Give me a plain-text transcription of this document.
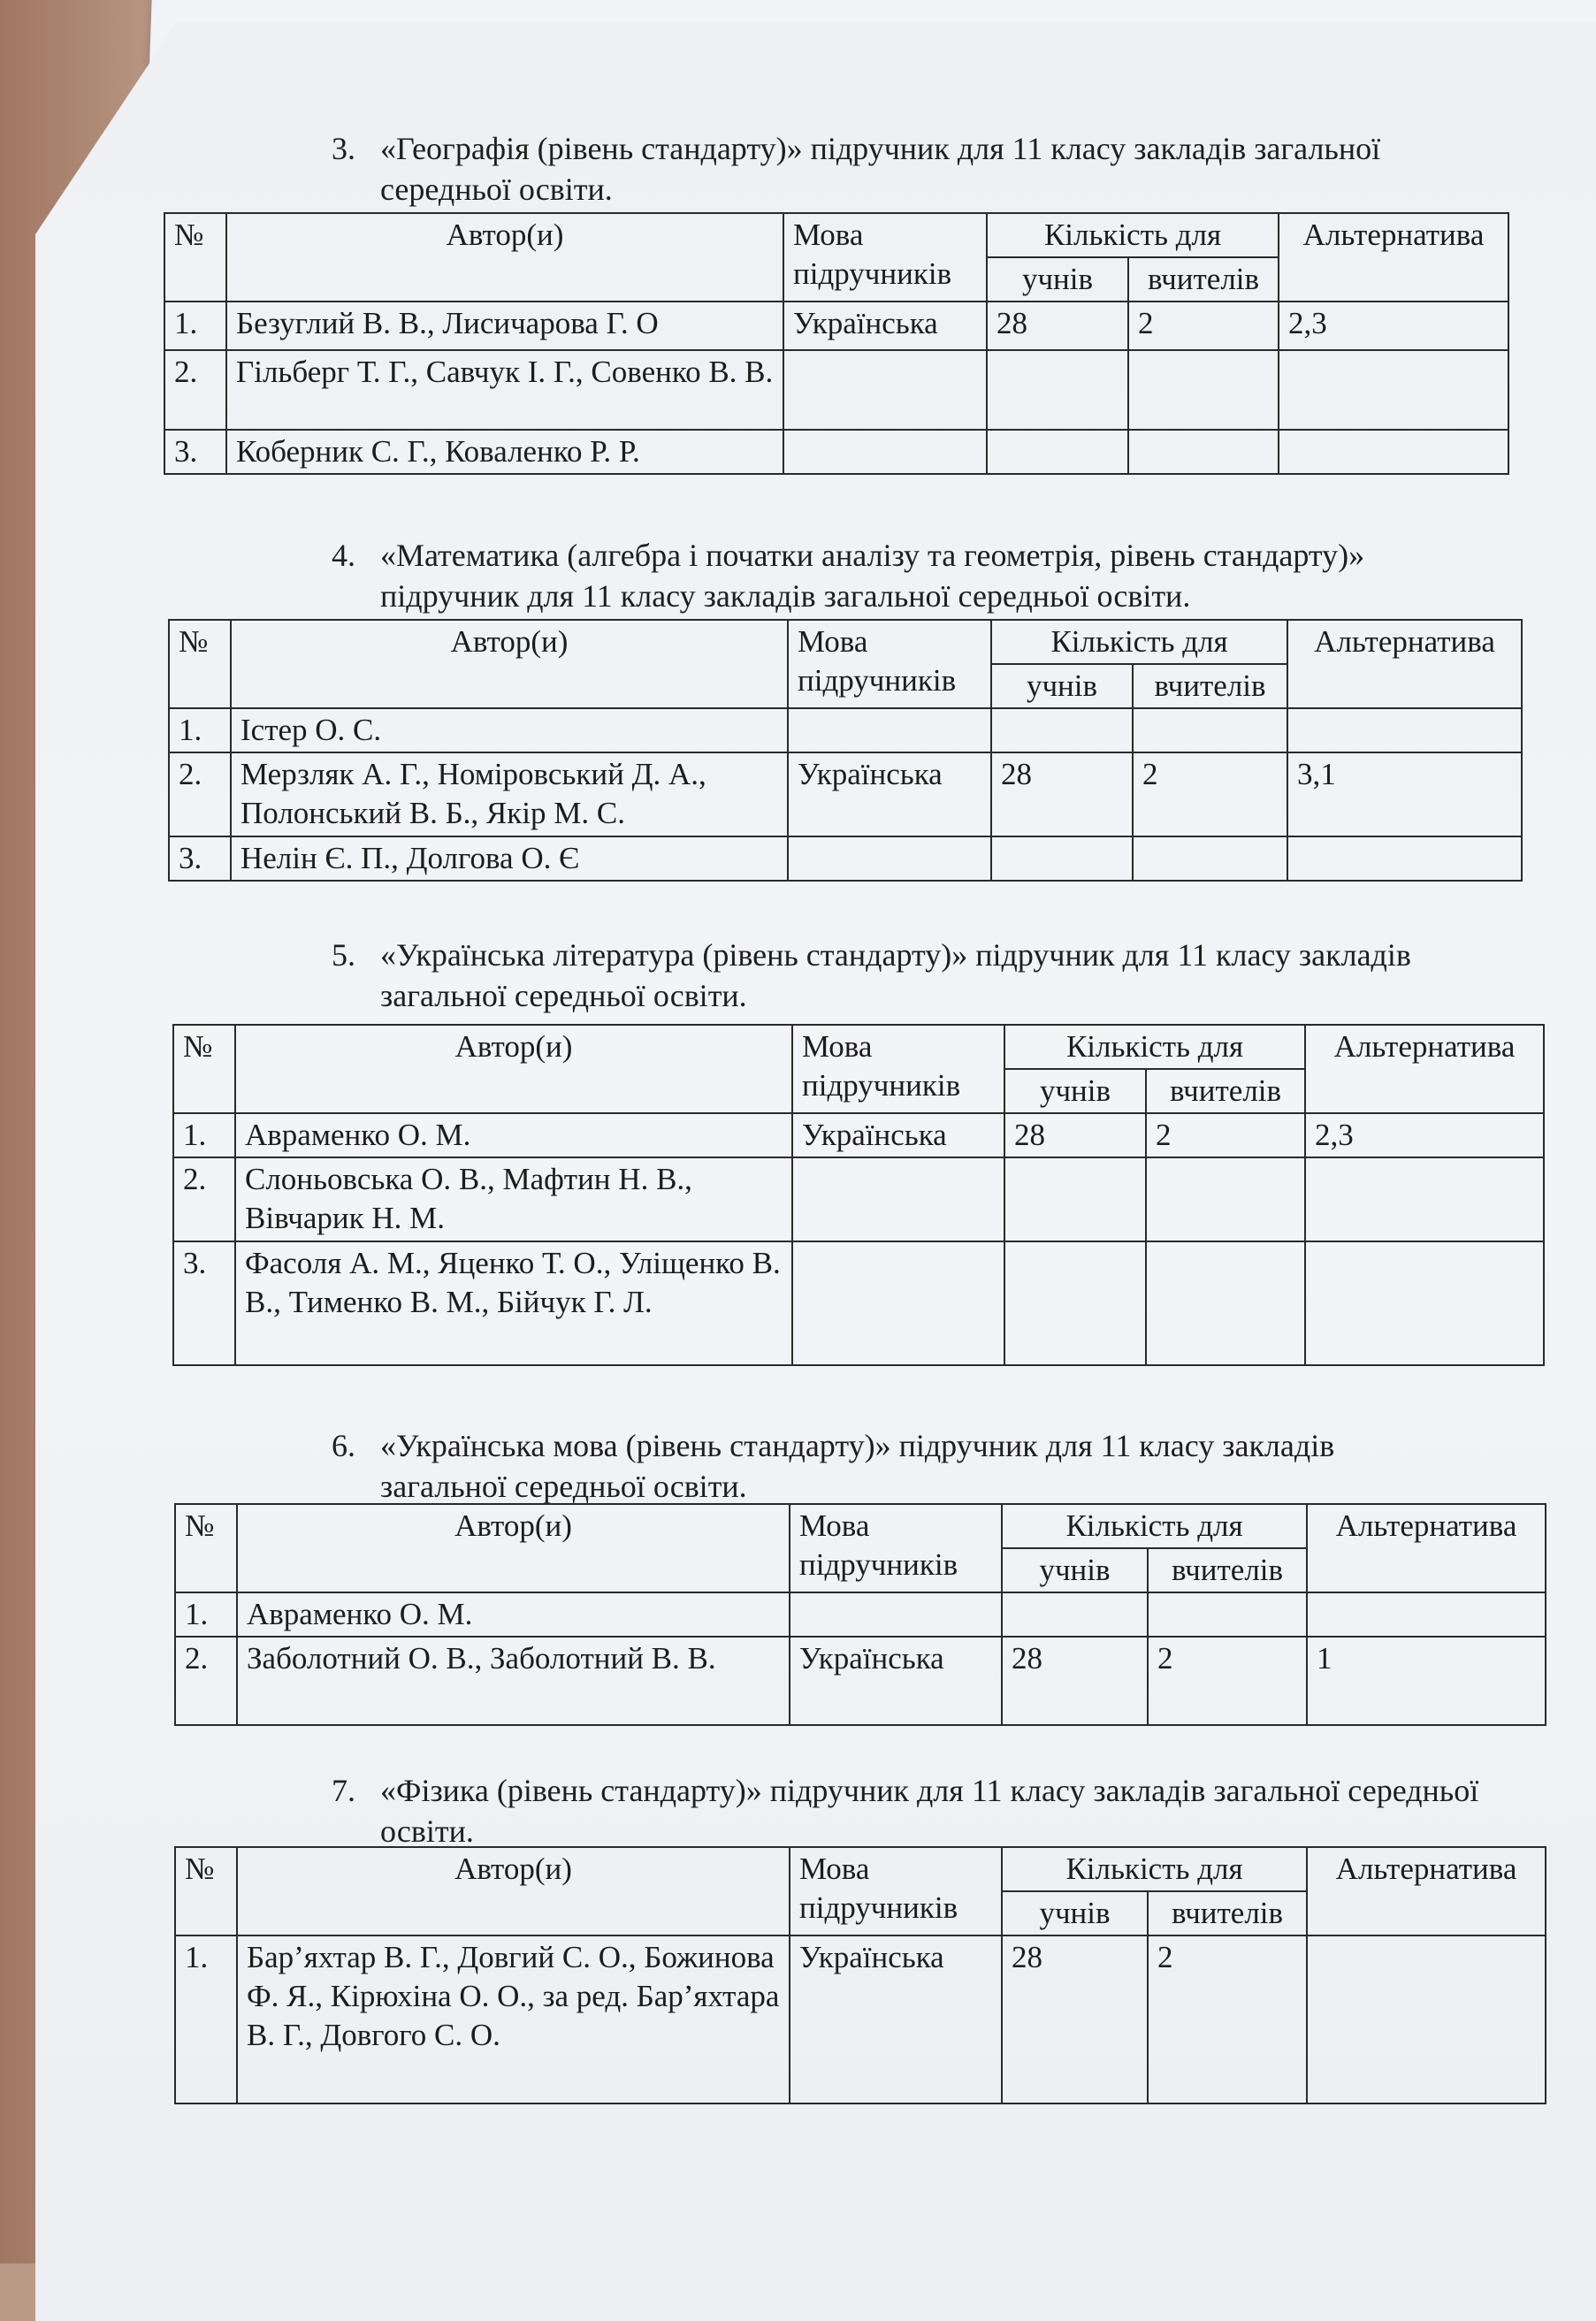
3. «Географія (рівень стандарту)» підручник для 11 класу закладів загальної середньої освіти.
№	Автор(и)	Мова підручників	Кількість для		Альтернатива
			учнів	вчителів	
1.	Безуглий В. В., Лисичарова Г. О	Українська	28	2	2,3
2.	Гільберг Т. Г., Савчук І. Г., Совенко В. В.				
3.	Коберник С. Г., Коваленко Р. Р.				
4. «Математика (алгебра і початки аналізу та геометрія, рівень стандарту)» підручник для 11 класу закладів загальної середньої освіти.
№	Автор(и)	Мова підручників	Кількість для		Альтернатива
			учнів	вчителів	
1.	Істер О. С.				
2.	Мерзляк А. Г., Номіровський Д. А., Полонський В. Б., Якір М. С.	Українська	28	2	3,1
3.	Нелін Є. П., Долгова О. Є				
5. «Українська література (рівень стандарту)» підручник для 11 класу закладів загальної середньої освіти.
№	Автор(и)	Мова підручників	Кількість для		Альтернатива
			учнів	вчителів	
1.	Авраменко О. М.	Українська	28	2	2,3
2.	Слоньовська О. В., Мафтин Н. В., Вівчарик Н. М.				
3.	Фасоля А. М., Яценко Т. О., Уліщенко В. В., Тименко В. М., Бійчук Г. Л.				
6. «Українська мова (рівень стандарту)» підручник для 11 класу закладів загальної середньої освіти.
№	Автор(и)	Мова підручників	Кількість для		Альтернатива
			учнів	вчителів	
1.	Авраменко О. М.				
2.	Заболотний О. В., Заболотний В. В.	Українська	28	2	1
7. «Фізика (рівень стандарту)» підручник для 11 класу закладів загальної середньої освіти.
№	Автор(и)	Мова підручників	Кількість для		Альтернатива
			учнів	вчителів	
1.	Бар’яхтар В. Г., Довгий С. О., Божинова Ф. Я., Кірюхіна О. О., за ред. Бар’яхтара В. Г., Довгого С. О.	Українська	28	2	
